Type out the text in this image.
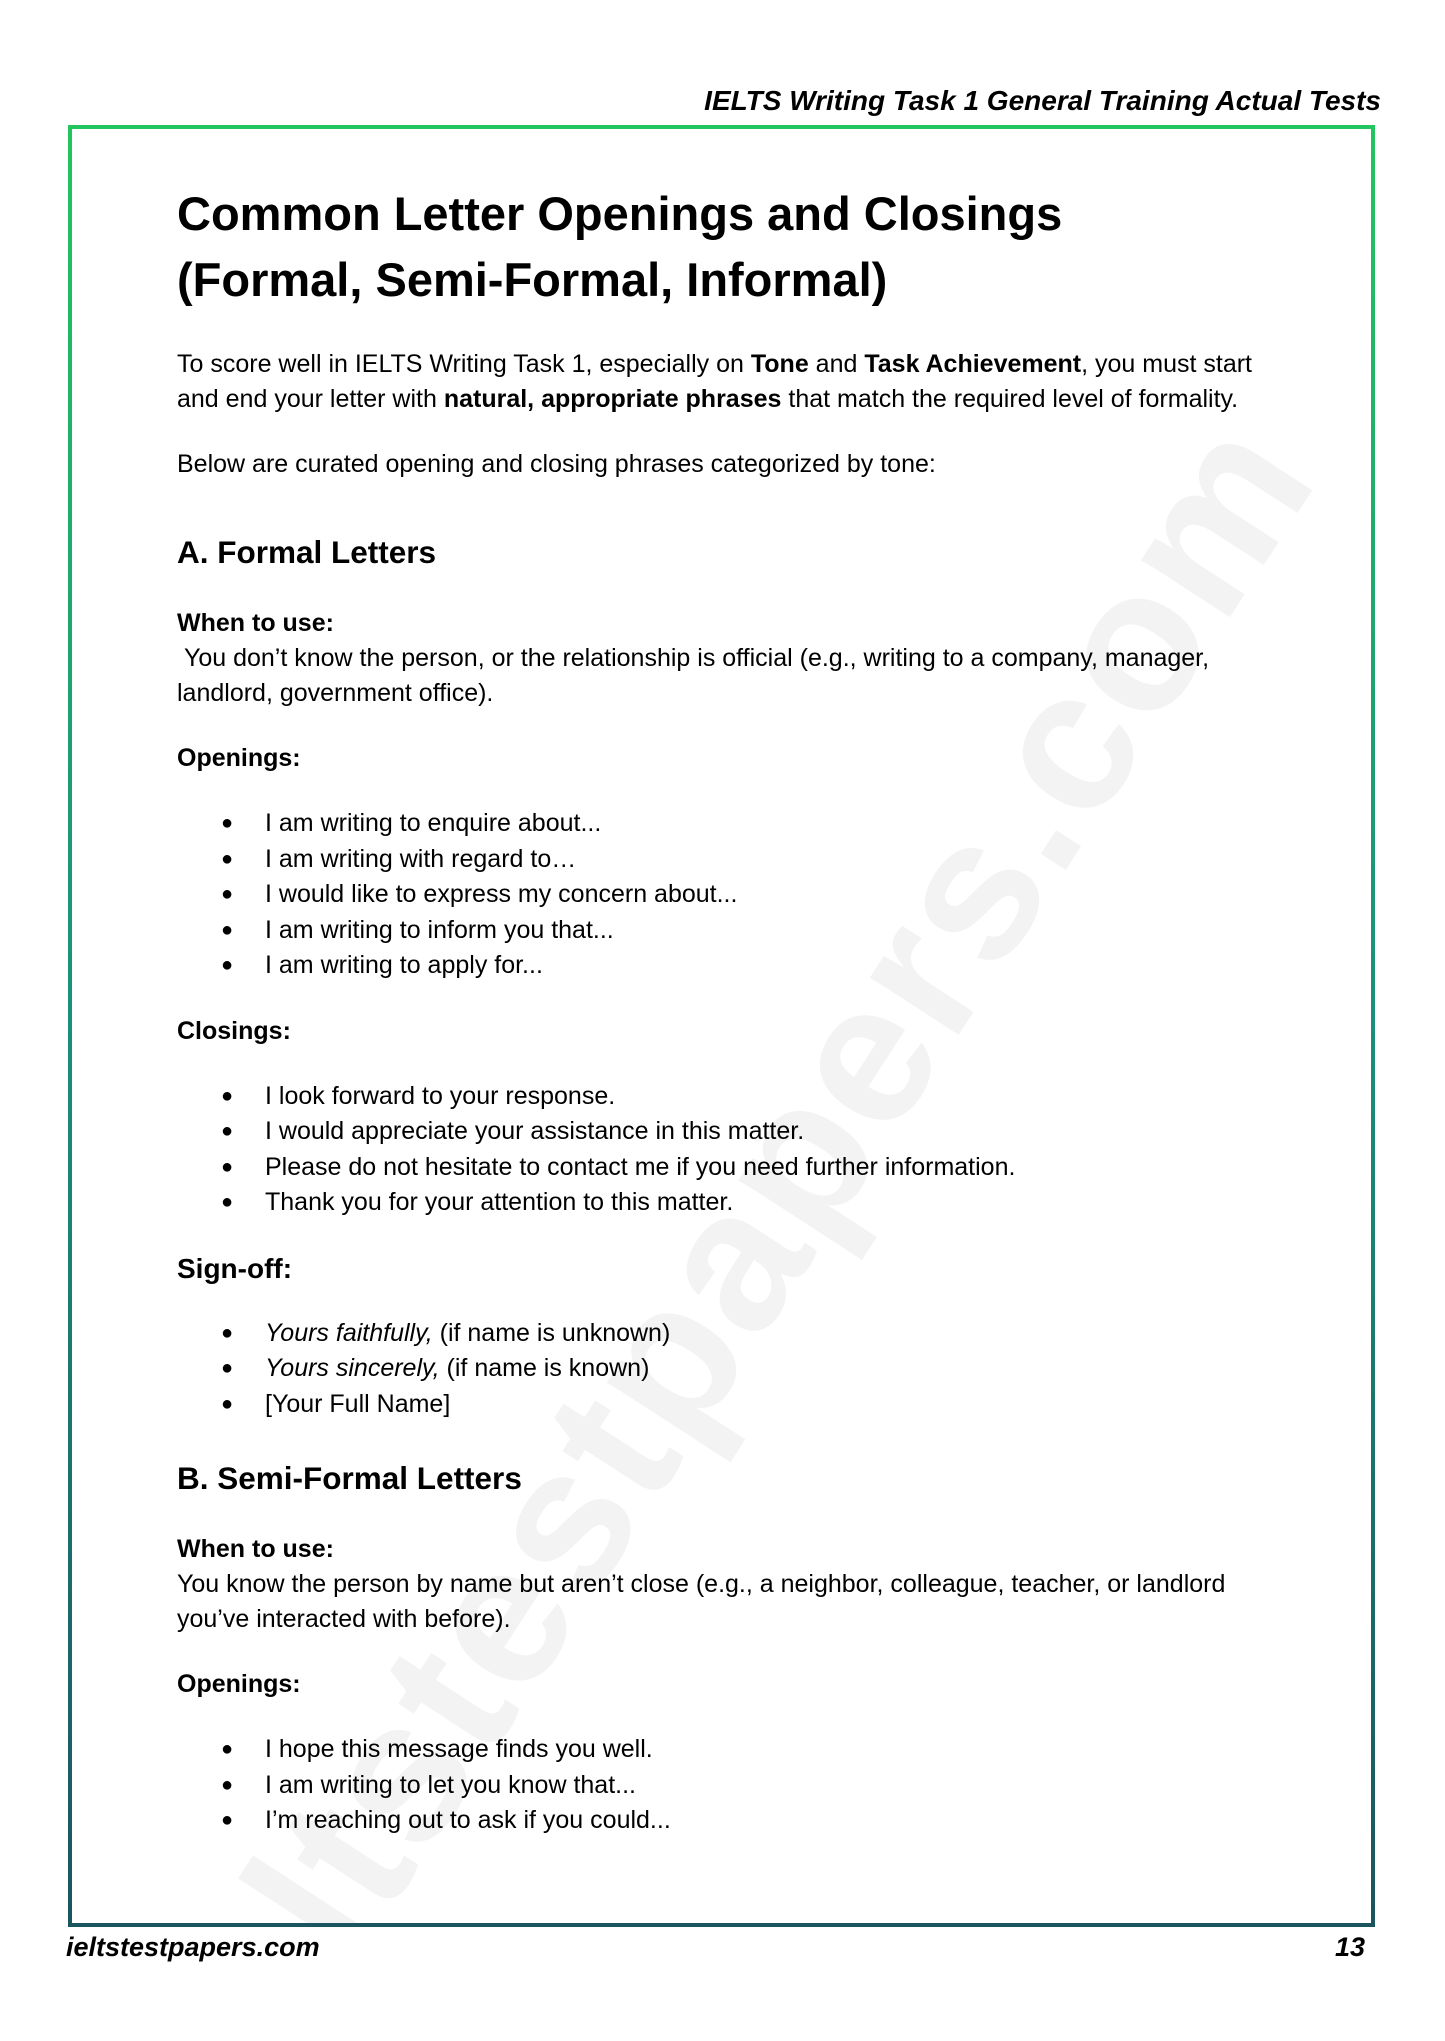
IELTS Writing Task 1 General Training Actual Tests
Common Letter Openings and Closings
(Formal, Semi-Formal, Informal)

To score well in IELTS Writing Task 1, especially on Tone and Task Achievement, you must start and end your letter with natural, appropriate phrases that match the required level of formality.

Below are curated opening and closing phrases categorized by tone:

A. Formal Letters

When to use:

You don’t know the person, or the relationship is official (e.g., writing to a company, manager, landlord, government office).

Openings:

● I am writing to enquire about...
● I am writing with regard to…
● I would like to express my concern about...
● I am writing to inform you that...
● I am writing to apply for...

Closings:

● I look forward to your response.
● I would appreciate your assistance in this matter.
● Please do not hesitate to contact me if you need further information.
● Thank you for your attention to this matter.

Sign-off:

● Yours faithfully, (if name is unknown)
● Yours sincerely, (if name is known)
● [Your Full Name]
B. Semi-Formal Letters

When to use:

You know the person by name but aren’t close (e.g., a neighbor, colleague, teacher, or landlord you’ve interacted with before).

Openings:

● I hope this message finds you well.
● I am writing to let you know that...
● I’m reaching out to ask if you could...
ieltstestpapers.com	13
